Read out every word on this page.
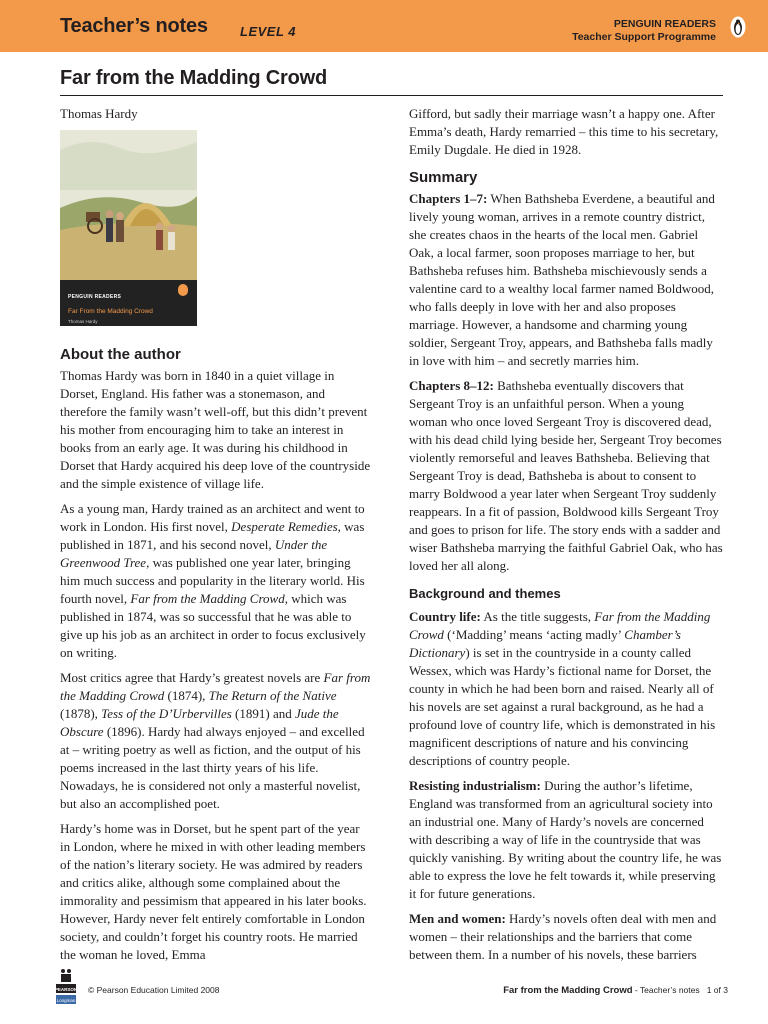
Teacher’s notes LEVEL 4	PENGUIN READERS
Teacher Support Programme
Far from the Madding Crowd

Thomas Hardy

PENGUIN READERS
Far From the Madding Crowd
Thomas Hardy
About the author

Thomas Hardy was born in 1840 in a quiet village in Dorset, England. His father was a stonemason, and therefore the family wasn’t well-off, but this didn’t prevent his mother from encouraging him to take an interest in books from an early age. It was during his childhood in Dorset that Hardy acquired his deep love of the countryside and the simple existence of village life.

As a young man, Hardy trained as an architect and went to work in London. His first novel, Desperate Remedies, was published in 1871, and his second novel, Under the Greenwood Tree, was published one year later, bringing him much success and popularity in the literary world. His fourth novel, Far from the Madding Crowd, which was published in 1874, was so successful that he was able to give up his job as an architect in order to focus exclusively on writing.

Most critics agree that Hardy’s greatest novels are Far from the Madding Crowd (1874), The Return of the Native (1878), Tess of the D’Urbervilles (1891) and Jude the Obscure (1896). Hardy had always enjoyed – and excelled at – writing poetry as well as fiction, and the output of his poems increased in the last thirty years of his life. Nowadays, he is considered not only a masterful novelist, but also an accomplished poet.

Hardy’s home was in Dorset, but he spent part of the year in London, where he mixed in with other leading members of the nation’s literary society. He was admired by readers and critics alike, although some complained about the immorality and pessimism that appeared in his later books. However, Hardy never felt entirely comfortable in London society, and couldn’t forget his country roots. He married the woman he loved, Emma

Gifford, but sadly their marriage wasn’t a happy one. After Emma’s death, Hardy remarried – this time to his secretary, Emily Dugdale. He died in 1928.

Summary

Chapters 1–7: When Bathsheba Everdene, a beautiful and lively young woman, arrives in a remote country district, she creates chaos in the hearts of the local men. Gabriel Oak, a local farmer, soon proposes marriage to her, but Bathsheba refuses him. Bathsheba mischievously sends a valentine card to a wealthy local farmer named Boldwood, who falls deeply in love with her and also proposes marriage. However, a handsome and charming young soldier, Sergeant Troy, appears, and Bathsheba falls madly in love with him – and secretly marries him.

Chapters 8–12: Bathsheba eventually discovers that Sergeant Troy is an unfaithful person. When a young woman who once loved Sergeant Troy is discovered dead, with his dead child lying beside her, Sergeant Troy becomes violently remorseful and leaves Bathsheba. Believing that Sergeant Troy is dead, Bathsheba is about to consent to marry Boldwood a year later when Sergeant Troy suddenly reappears. In a fit of passion, Boldwood kills Sergeant Troy and goes to prison for life. The story ends with a sadder and wiser Bathsheba marrying the faithful Gabriel Oak, who has loved her all along.

Background and themes

Country life: As the title suggests, Far from the Madding Crowd (‘Madding’ means ‘acting madly’ Chamber’s Dictionary) is set in the countryside in a county called Wessex, which was Hardy’s fictional name for Dorset, the county in which he had been born and raised. Nearly all of his novels are set against a rural background, as he had a profound love of country life, which is demonstrated in his magnificent descriptions of nature and his convincing descriptions of country people.

Resisting industrialism: During the author’s lifetime, England was transformed from an agricultural society into an industrial one. Many of Hardy’s novels are concerned with describing a way of life in the countryside that was quickly vanishing. By writing about the country life, he was able to express the love he felt towards it, while preserving it for future generations.

Men and women: Hardy’s novels often deal with men and women – their relationships and the barriers that come between them. In a number of his novels, these barriers

PEARSON
Longman
© Pearson Education Limited 2008	Far from the Madding Crowd - Teacher’s notes 1 of 3
